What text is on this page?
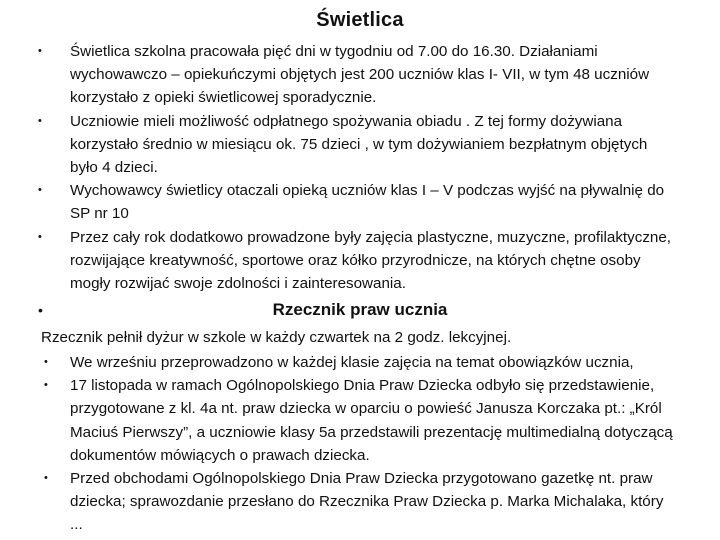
Świetlica
• Świetlica szkolna pracowała pięć dni w tygodniu od 7.00 do 16.30. Działaniami wychowawczo – opiekuńczymi objętych jest 200 uczniów klas I- VII, w tym 48 uczniów korzystało z opieki świetlicowej sporadycznie.
• Uczniowie mieli możliwość odpłatnego spożywania obiadu . Z tej formy dożywiana korzystało średnio w miesiącu ok. 75 dzieci , w tym dożywianiem bezpłatnym objętych było 4 dzieci.
• Wychowawcy świetlicy otaczali opieką uczniów klas I – V podczas wyjść na pływalnię do SP nr 10
• Przez cały rok dodatkowo prowadzone były zajęcia plastyczne, muzyczne, profilaktyczne, rozwijające kreatywność, sportowe oraz kółko przyrodnicze, na których chętne osoby mogły rozwijać swoje zdolności i zainteresowania.
•	Rzecznik praw ucznia
Rzecznik pełnił dyżur w szkole w każdy czwartek na 2 godz. lekcyjnej.
• We wrześniu przeprowadzono w każdej klasie zajęcia na temat obowiązków ucznia,
• 17 listopada w ramach Ogólnopolskiego Dnia Praw Dziecka odbyło się przedstawienie, przygotowane z kl. 4a nt. praw dziecka w oparciu o powieść Janusza Korczaka pt.: „Król Maciuś Pierwszy”, a uczniowie klasy 5a przedstawili prezentację multimedialną dotyczącą dokumentów mówiących o prawach dziecka.
• Przed obchodami Ogólnopolskiego Dnia Praw Dziecka przygotowano gazetkę nt. praw dziecka; sprawozdanie przesłano do Rzecznika Praw Dziecka p. Marka Michalaka, który ...
